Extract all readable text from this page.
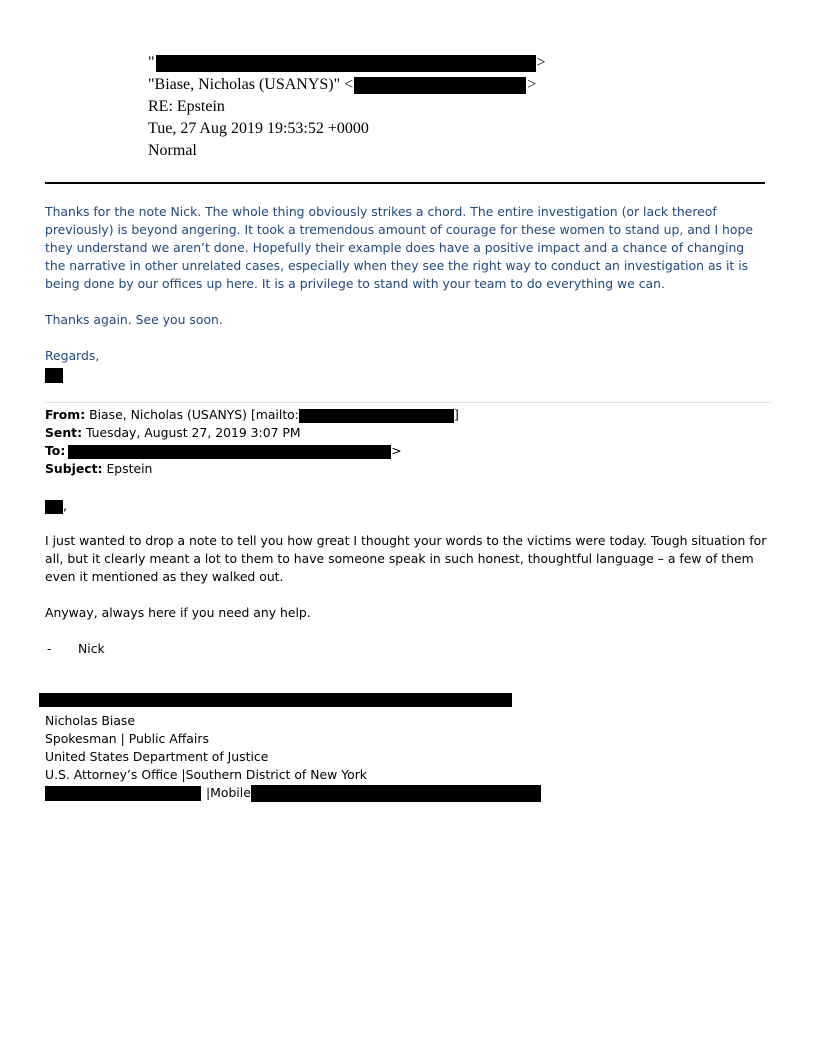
"	>
"Biase, Nicholas (USANYS)" <	>
RE: Epstein
Tue, 27 Aug 2019 19:53:52 +0000
Normal

Thanks for the note Nick. The whole thing obviously strikes a chord. The entire investigation (or lack thereof previously) is beyond angering. It took a tremendous amount of courage for these women to stand up, and I hope they understand we aren’t done. Hopefully their example does have a positive impact and a chance of changing the narrative in other unrelated cases, especially when they see the right way to conduct an investigation as it is being done by our offices up here. It is a privilege to stand with your team to do everything we can.

Thanks again. See you soon.

Regards,

From: Biase, Nicholas (USANYS) [mailto:	]
Sent: Tuesday, August 27, 2019 3:07 PM
To:	>
Subject: Epstein
,

I just wanted to drop a note to tell you how great I thought your words to the victims were today. Tough situation for all, but it clearly meant a lot to them to have someone speak in such honest, thoughtful language – a few of them even it mentioned as they walked out.

Anyway, always here if you need any help.

- Nick
Nicholas Biase
Spokesman | Public Affairs
United States Department of Justice
U.S. Attorney’s Office |Southern District of New York
|Mobile
